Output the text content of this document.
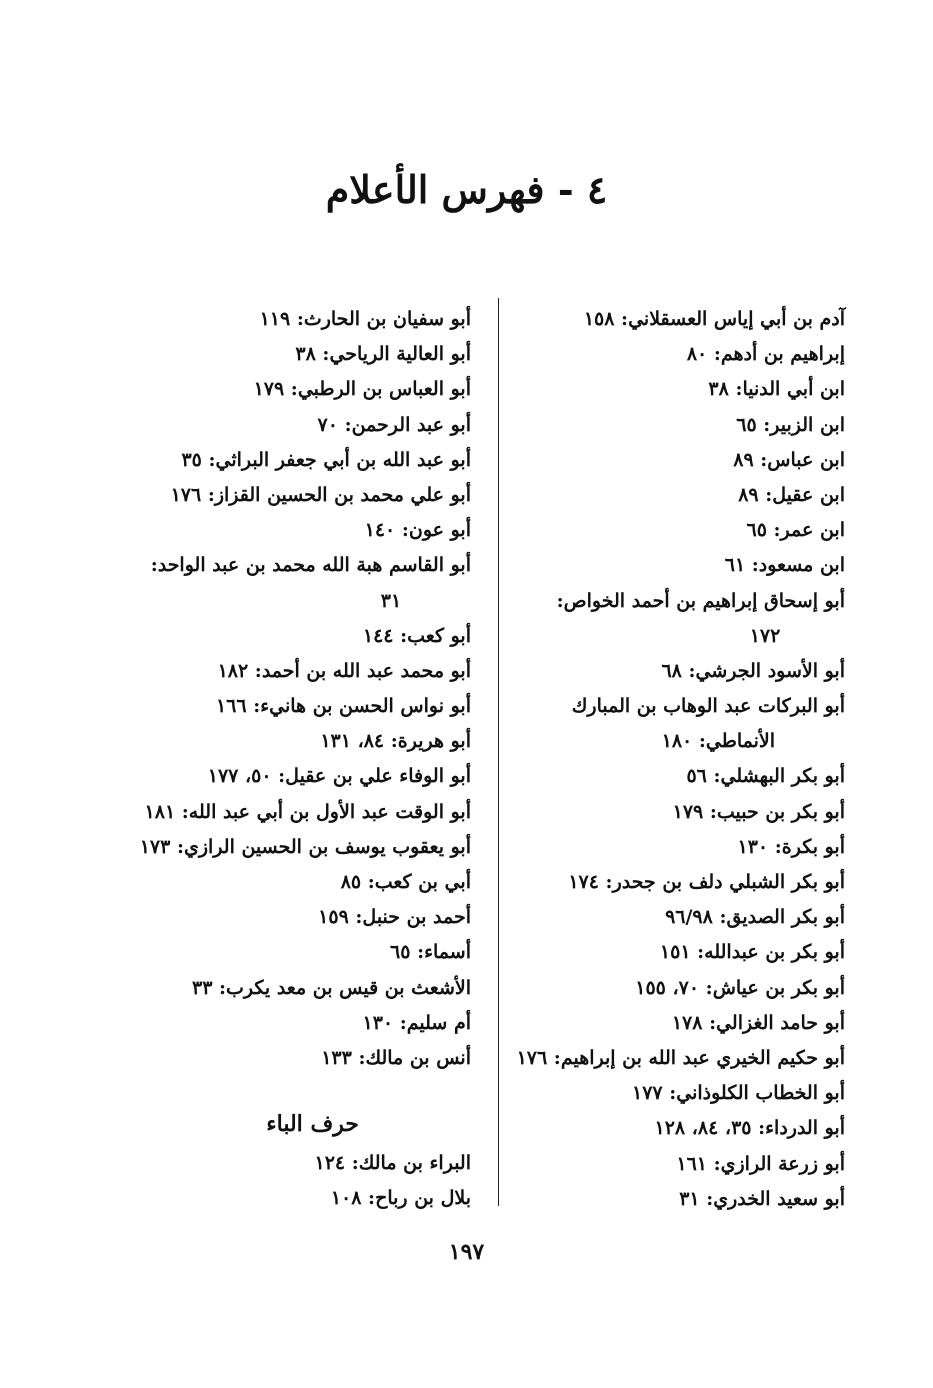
٤ - فهرس الأعلام
آدم بن أبي إياس العسقلاني: ١٥٨
إبراهيم بن أدهم: ٨٠
ابن أبي الدنيا: ٣٨
ابن الزبير: ٦٥
ابن عباس: ٨٩
ابن عقيل: ٨٩
ابن عمر: ٦٥
ابن مسعود: ٦١
أبو إسحاق إبراهيم بن أحمد الخواص:
١٧٢
أبو الأسود الجرشي: ٦٨
أبو البركات عبد الوهاب بن المبارك
الأنماطي: ١٨٠
أبو بكر البهشلي: ٥٦
أبو بكر بن حبيب: ١٧٩
أبو بكرة: ١٣٠
أبو بكر الشبلي دلف بن جحدر: ١٧٤
أبو بكر الصديق: ٩٦/٩٨
أبو بكر بن عبدالله: ١٥١
أبو بكر بن عياش: ٧٠، ١٥٥
أبو حامد الغزالي: ١٧٨
أبو حكيم الخيري عبد الله بن إبراهيم: ١٧٦
أبو الخطاب الكلوذاني: ١٧٧
أبو الدرداء: ٣٥، ٨٤، ١٢٨
أبو زرعة الرازي: ١٦١
أبو سعيد الخدري: ٣١
أبو سفيان بن الحارث: ١١٩
أبو العالية الرياحي: ٣٨
أبو العباس بن الرطبي: ١٧٩
أبو عبد الرحمن: ٧٠
أبو عبد الله بن أبي جعفر البراثي: ٣٥
أبو علي محمد بن الحسين القزاز: ١٧٦
أبو عون: ١٤٠
أبو القاسم هبة الله محمد بن عبد الواحد:
٣١
أبو كعب: ١٤٤
أبو محمد عبد الله بن أحمد: ١٨٢
أبو نواس الحسن بن هانيء: ١٦٦
أبو هريرة: ٨٤، ١٣١
أبو الوفاء علي بن عقيل: ٥٠، ١٧٧
أبو الوقت عبد الأول بن أبي عبد الله: ١٨١
أبو يعقوب يوسف بن الحسين الرازي: ١٧٣
أبي بن كعب: ٨٥
أحمد بن حنبل: ١٥٩
أسماء: ٦٥
الأشعث بن قيس بن معد يكرب: ٣٣
أم سليم: ١٣٠
أنس بن مالك: ١٣٣
حرف الباء
البراء بن مالك: ١٢٤
بلال بن رباح: ١٠٨
١٩٧
